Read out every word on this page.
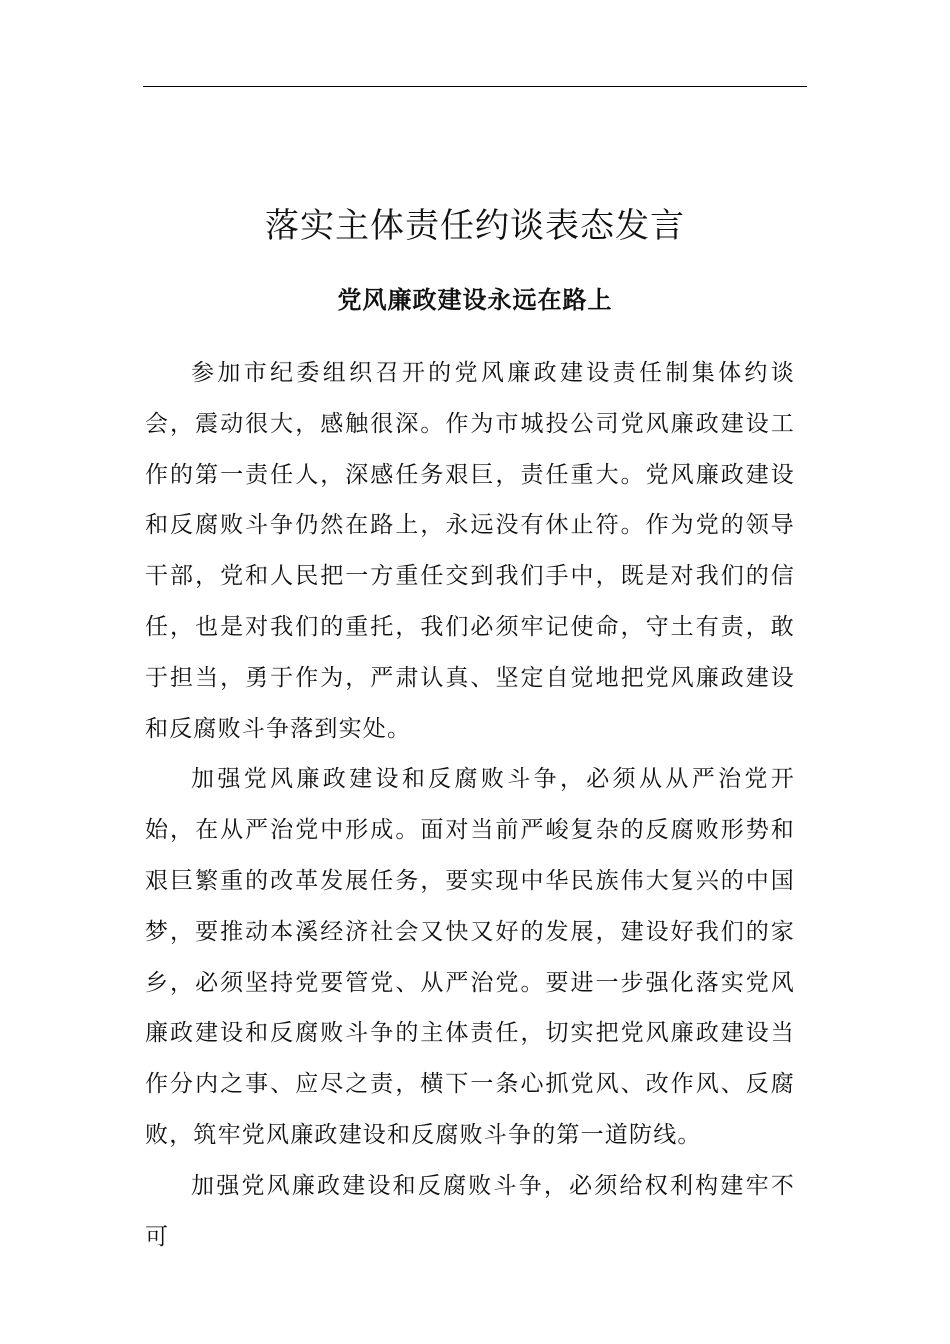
落实主体责任约谈表态发言
党风廉政建设永远在路上

参加市纪委组织召开的党风廉政建设责任制集体约谈会，震动很大，感触很深。作为市城投公司党风廉政建设工作的第一责任人，深感任务艰巨，责任重大。党风廉政建设和反腐败斗争仍然在路上，永远没有休止符。作为党的领导干部，党和人民把一方重任交到我们手中，既是对我们的信任，也是对我们的重托，我们必须牢记使命，守土有责，敢于担当，勇于作为，严肃认真、坚定自觉地把党风廉政建设和反腐败斗争落到实处。

加强党风廉政建设和反腐败斗争，必须从从严治党开始，在从严治党中形成。面对当前严峻复杂的反腐败形势和艰巨繁重的改革发展任务，要实现中华民族伟大复兴的中国梦，要推动本溪经济社会又快又好的发展，建设好我们的家乡，必须坚持党要管党、从严治党。要进一步强化落实党风廉政建设和反腐败斗争的主体责任，切实把党风廉政建设当作分内之事、应尽之责，横下一条心抓党风、改作风、反腐败，筑牢党风廉政建设和反腐败斗争的第一道防线。

加强党风廉政建设和反腐败斗争，必须给权利构建牢不可
